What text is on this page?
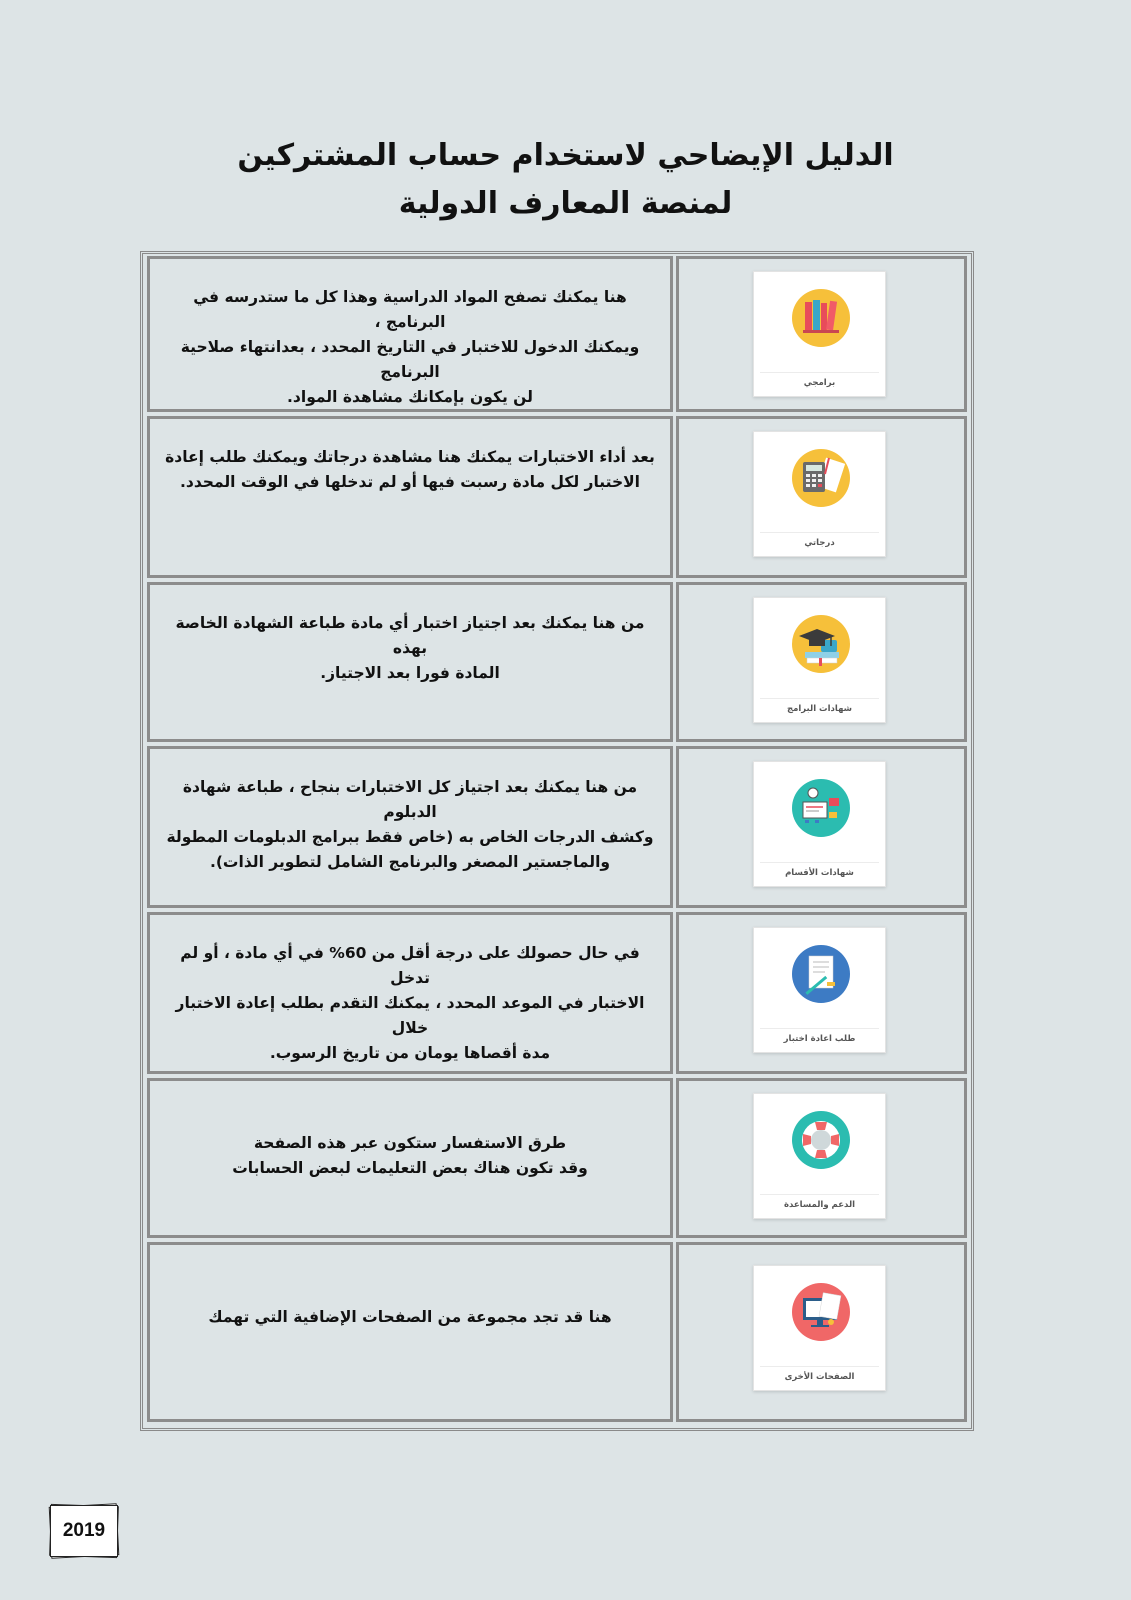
الدليل الإيضاحي لاستخدام حساب المشتركين
لمنصة المعارف الدولية
هنا يمكنك تصفح المواد الدراسية وهذا كل ما ستدرسه في البرنامج ،
ويمكنك الدخول للاختبار في التاريخ المحدد ، بعدانتهاء صلاحية البرنامج
لن يكون بإمكانك مشاهدة المواد.
برامجي
بعد أداء الاختبارات يمكنك هنا مشاهدة درجاتك ويمكنك طلب إعادة
الاختبار لكل مادة رسبت فيها أو لم تدخلها في الوقت المحدد.
درجاتي
من هنا يمكنك بعد اجتياز اختبار أي مادة طباعة الشهادة الخاصة بهذه
المادة فورا بعد الاجتياز.
شهادات البرامج
من هنا يمكنك بعد اجتياز كل الاختبارات بنجاح ، طباعة شهادة الدبلوم
وكشف الدرجات الخاص به (خاص فقط ببرامج الدبلومات المطولة
والماجستير المصغر والبرنامج الشامل لتطوير الذات).
شهادات الأقسام
في حال حصولك على درجة أقل من 60% في أي مادة ، أو لم تدخل
الاختبار في الموعد المحدد ، يمكنك التقدم بطلب إعادة الاختبار خلال
مدة أقصاها يومان من تاريخ الرسوب.
طلب اعادة اختبار
طرق الاستفسار ستكون عبر هذه الصفحة
وقد تكون هناك بعض التعليمات لبعض الحسابات
الدعم والمساعدة
هنا قد تجد مجموعة من الصفحات الإضافية التي تهمك
الصفحات الأخرى
2019
